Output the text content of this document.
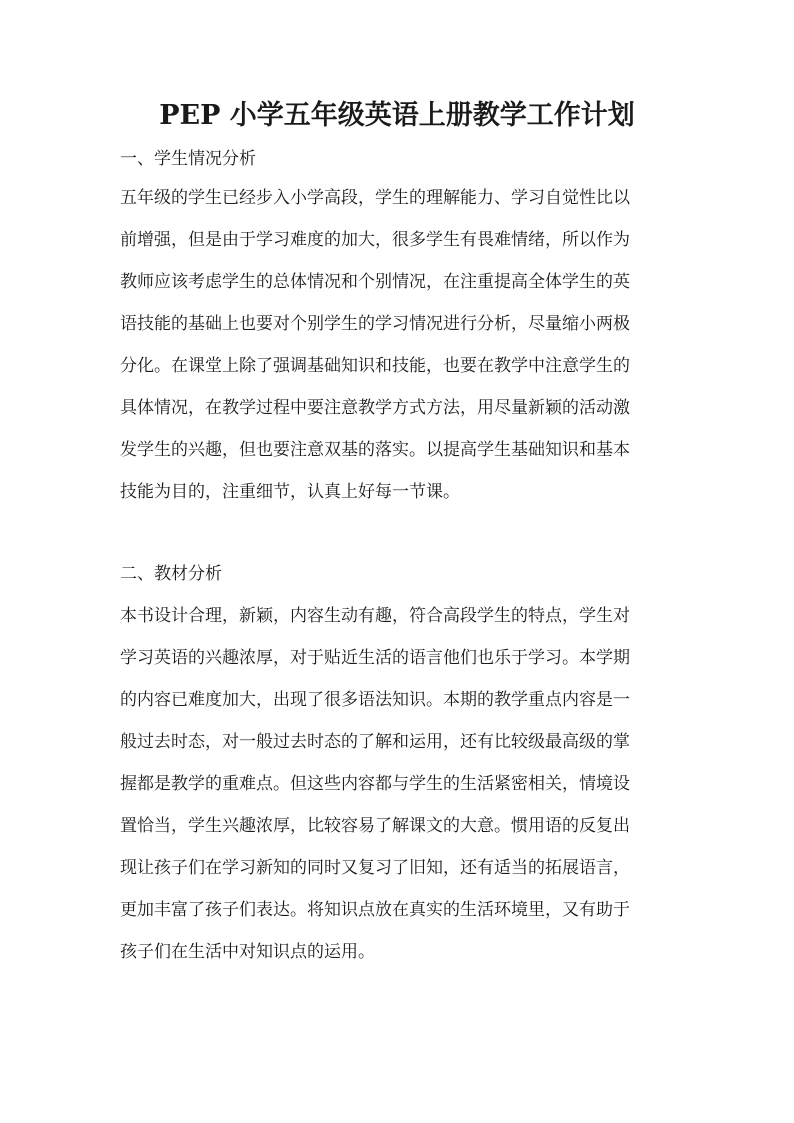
PEP 小学五年级英语上册教学工作计划
一、学生情况分析
五年级的学生已经步入小学高段，学生的理解能力、学习自觉性比以
前增强，但是由于学习难度的加大，很多学生有畏难情绪，所以作为
教师应该考虑学生的总体情况和个别情况，在注重提高全体学生的英
语技能的基础上也要对个别学生的学习情况进行分析，尽量缩小两极
分化。在课堂上除了强调基础知识和技能，也要在教学中注意学生的
具体情况，在教学过程中要注意教学方式方法，用尽量新颖的活动激
发学生的兴趣，但也要注意双基的落实。以提高学生基础知识和基本
技能为目的，注重细节，认真上好每一节课。
二、教材分析
本书设计合理，新颖，内容生动有趣，符合高段学生的特点，学生对
学习英语的兴趣浓厚，对于贴近生活的语言他们也乐于学习。本学期
的内容已难度加大，出现了很多语法知识。本期的教学重点内容是一
般过去时态，对一般过去时态的了解和运用，还有比较级最高级的掌
握都是教学的重难点。但这些内容都与学生的生活紧密相关，情境设
置恰当，学生兴趣浓厚，比较容易了解课文的大意。惯用语的反复出
现让孩子们在学习新知的同时又复习了旧知，还有适当的拓展语言，
更加丰富了孩子们表达。将知识点放在真实的生活环境里，又有助于
孩子们在生活中对知识点的运用。
